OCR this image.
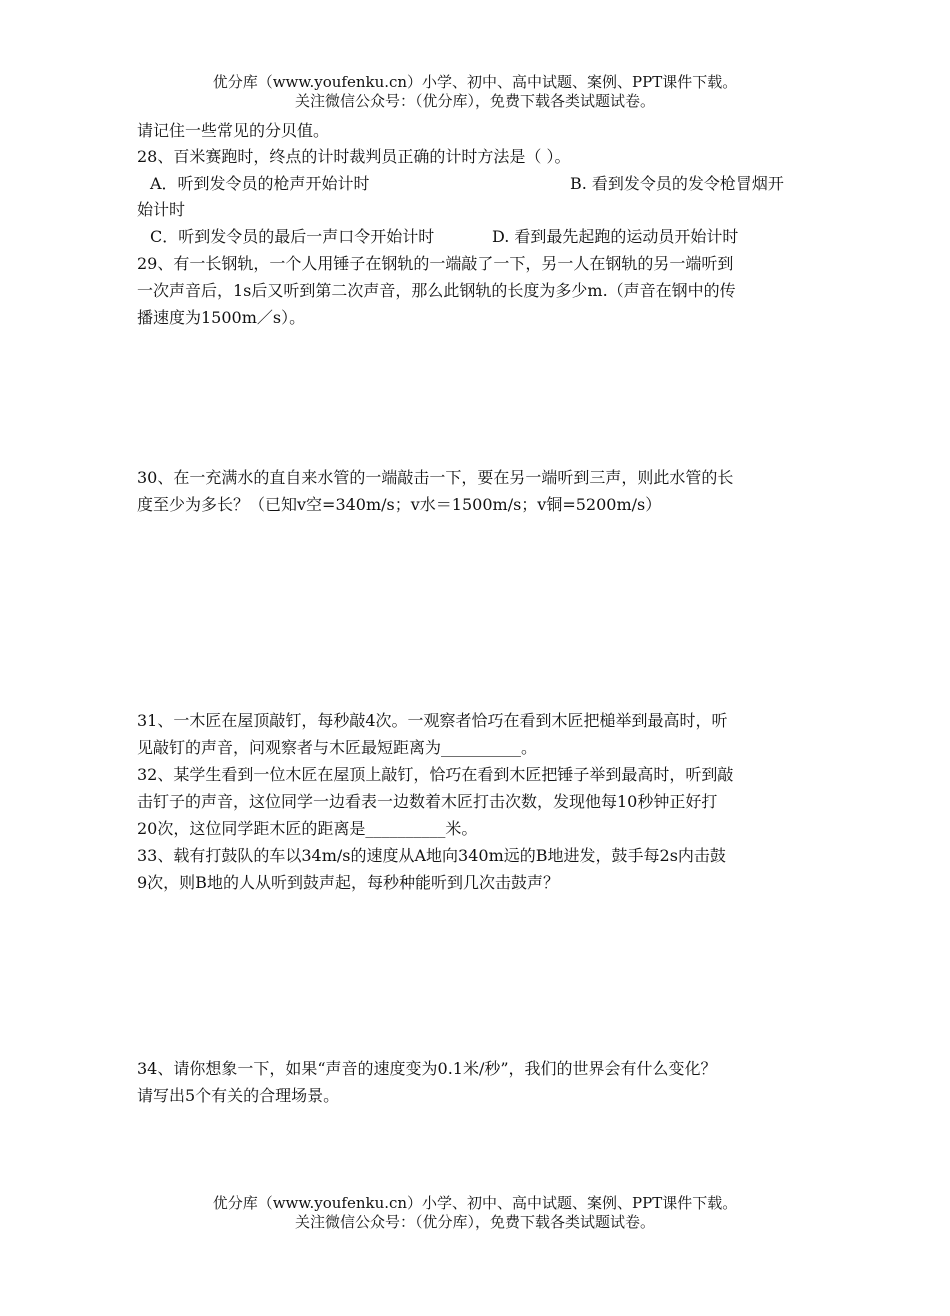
优分库（www.youfenku.cn）小学、初中、高中试题、案例、PPT课件下载。
关注微信公众号：（优分库），免费下载各类试题试卷。
请记住一些常见的分贝值。
28、百米赛跑时，终点的计时裁判员正确的计时方法是（ ）。
A．听到发令员的枪声开始计时	B. 看到发令员的发令枪冒烟开
始计时
C．听到发令员的最后一声口令开始计时	D. 看到最先起跑的运动员开始计时
29、有一长钢轨，一个人用锤子在钢轨的一端敲了一下，另一人在钢轨的另一端听到
一次声音后，1s后又听到第二次声音，那么此钢轨的长度为多少m.（声音在钢中的传
播速度为1500m／s）。
30、在一充满水的直自来水管的一端敲击一下，要在另一端听到三声，则此水管的长
度至少为多长？（已知v空=340m/s；v水＝1500m/s；v铜=5200m/s）
31、一木匠在屋顶敲钉，每秒敲4次。一观察者恰巧在看到木匠把槌举到最高时，听
见敲钉的声音，问观察者与木匠最短距离为__________。
32、某学生看到一位木匠在屋顶上敲钉，恰巧在看到木匠把锤子举到最高时，听到敲
击钉子的声音，这位同学一边看表一边数着木匠打击次数，发现他每10秒钟正好打
20次，这位同学距木匠的距离是__________米。
33、载有打鼓队的车以34m/s的速度从A地向340m远的B地进发，鼓手每2s内击鼓
9次，则B地的人从听到鼓声起，每秒种能听到几次击鼓声？
34、请你想象一下，如果“声音的速度变为0.1米/秒”，我们的世界会有什么变化？
请写出5个有关的合理场景。
优分库（www.youfenku.cn）小学、初中、高中试题、案例、PPT课件下载。
关注微信公众号：（优分库），免费下载各类试题试卷。
